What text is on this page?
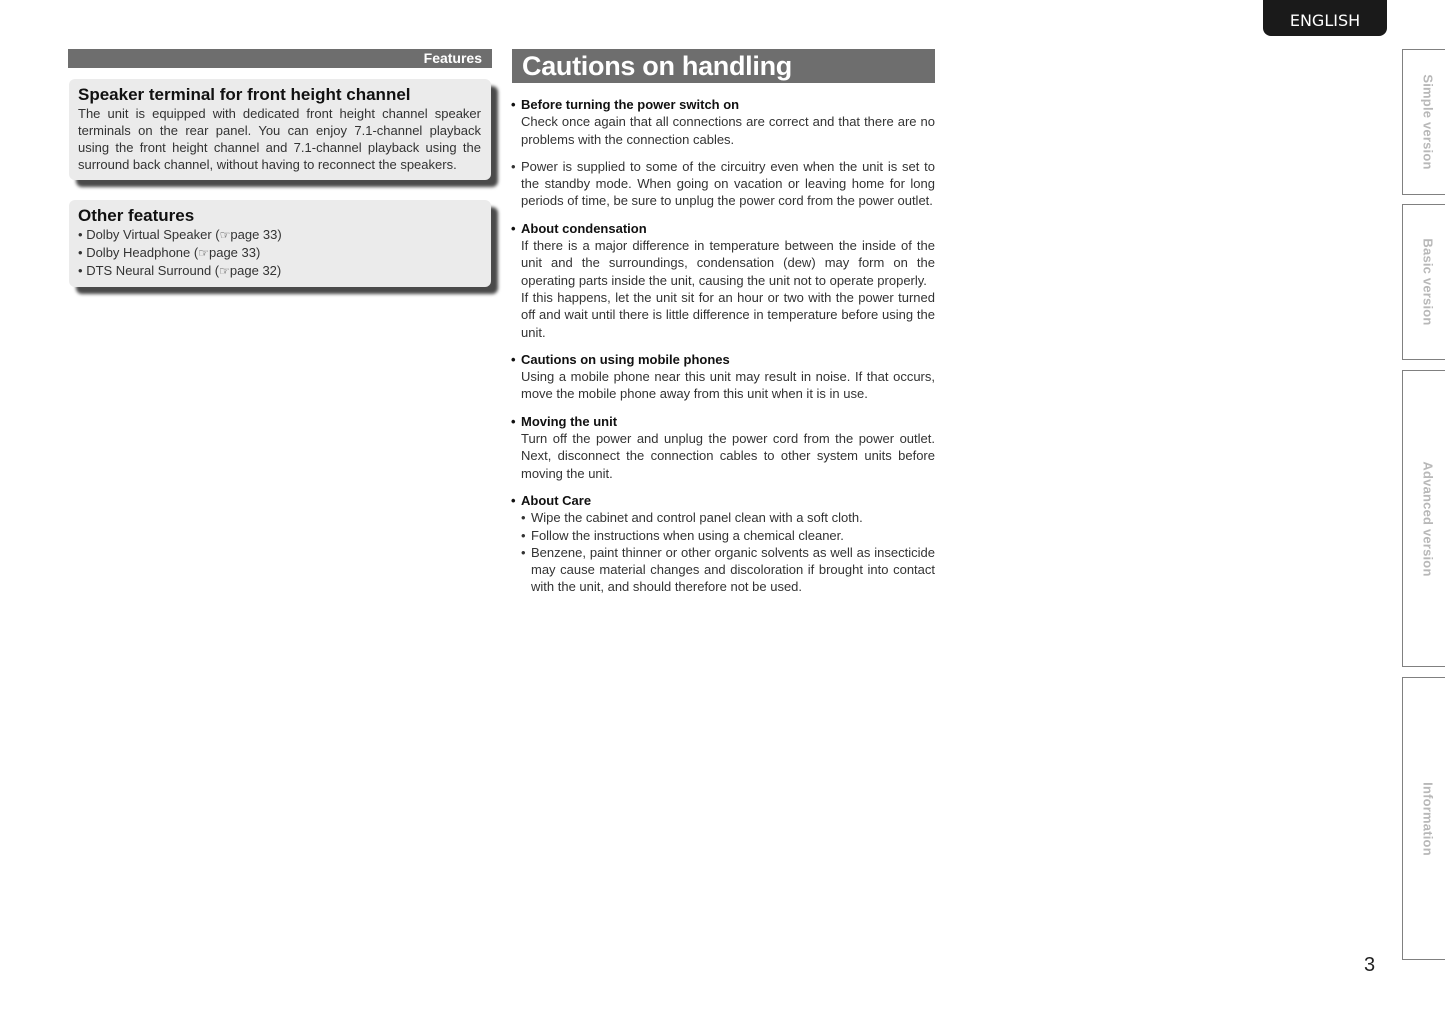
ENGLISH
Simple version
Basic version
Advanced version
Information
Features
Speaker terminal for front height channel

The unit is equipped with dedicated front height channel speaker terminals on the rear panel. You can enjoy 7.1-channel playback using the front height channel and 7.1-channel playback using the surround back channel, without having to reconnect the speakers.

Other features
• Dolby Virtual Speaker (☞page 33)
• Dolby Headphone (☞page 33)
• DTS Neural Surround (☞page 32)
Cautions on handling
• Before turning the power switch on
Check once again that all connections are correct and that there are no problems with the connection cables.
• Power is supplied to some of the circuitry even when the unit is set to the standby mode. When going on vacation or leaving home for long periods of time, be sure to unplug the power cord from the power outlet.
• About condensation
If there is a major difference in temperature between the inside of the unit and the surroundings, condensation (dew) may form on the operating parts inside the unit, causing the unit not to operate properly.
If this happens, let the unit sit for an hour or two with the power turned off and wait until there is little difference in temperature before using the unit.
• Cautions on using mobile phones
Using a mobile phone near this unit may result in noise. If that occurs, move the mobile phone away from this unit when it is in use.
• Moving the unit
Turn off the power and unplug the power cord from the power outlet. Next, disconnect the connection cables to other system units before moving the unit.
• About Care
• Wipe the cabinet and control panel clean with a soft cloth.
• Follow the instructions when using a chemical cleaner.
• Benzene, paint thinner or other organic solvents as well as insecticide may cause material changes and discoloration if brought into contact with the unit, and should therefore not be used.
3
